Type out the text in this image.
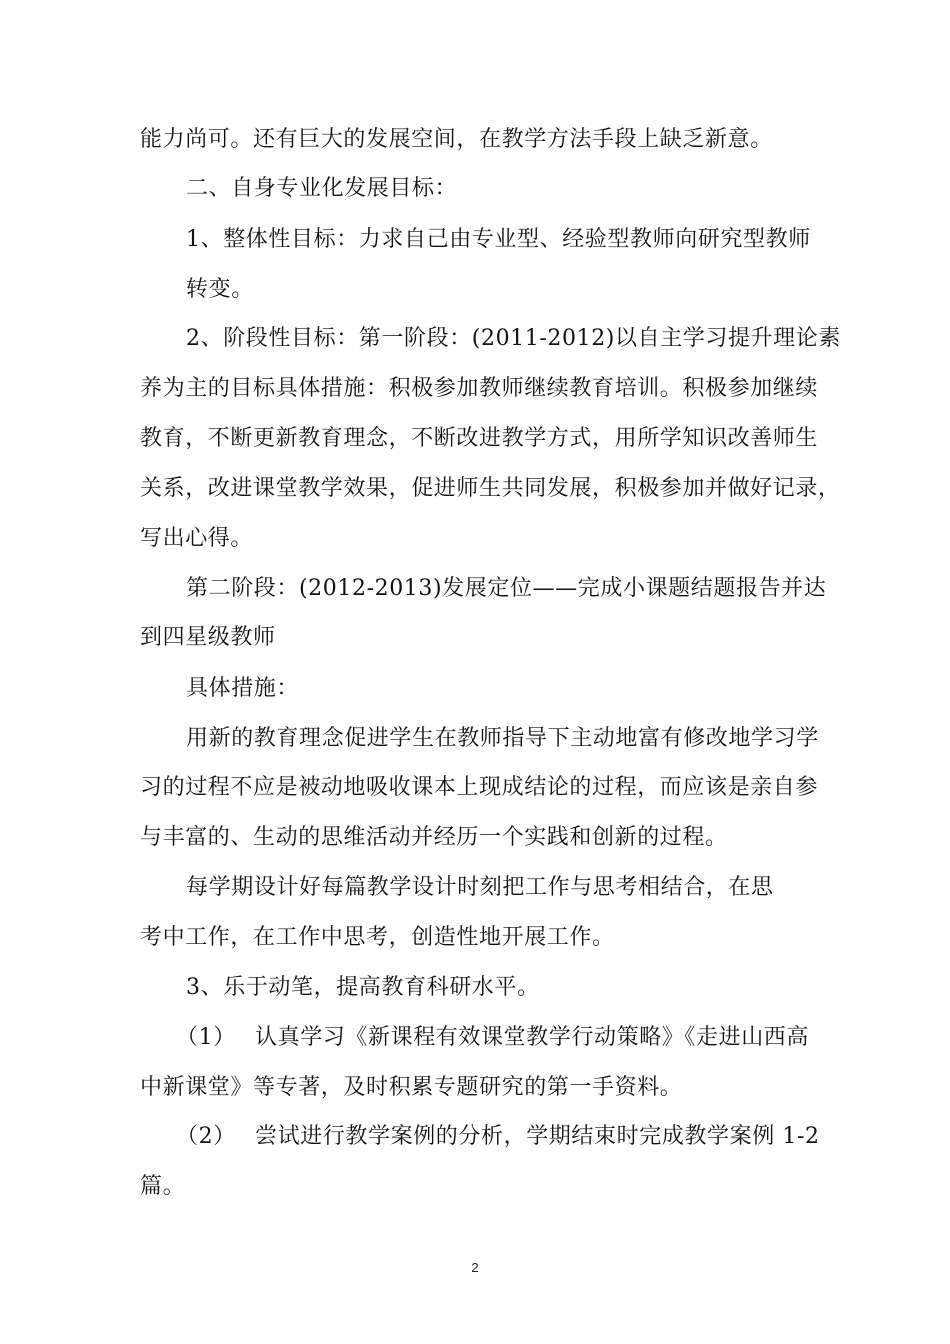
能力尚可。还有巨大的发展空间，在教学方法手段上缺乏新意。

二、自身专业化发展目标：

1、整体性目标：力求自己由专业型、经验型教师向研究型教师

转变。

2、阶段性目标：第一阶段：(2011-2012)以自主学习提升理论素

养为主的目标具体措施：积极参加教师继续教育培训。积极参加继续

教育，不断更新教育理念，不断改进教学方式，用所学知识改善师生

关系，改进课堂教学效果，促进师生共同发展，积极参加并做好记录，

写出心得。

第二阶段：(2012-2013)发展定位——完成小课题结题报告并达

到四星级教师

具体措施：

用新的教育理念促进学生在教师指导下主动地富有修改地学习学

习的过程不应是被动地吸收课本上现成结论的过程，而应该是亲自参

与丰富的、生动的思维活动并经历一个实践和创新的过程。

每学期设计好每篇教学设计时刻把工作与思考相结合，在思

考中工作，在工作中思考，创造性地开展工作。

3、乐于动笔，提高教育科研水平。

（1）　 认真学习《新课程有效课堂教学行动策略》《走进山西高

中新课堂》等专著，及时积累专题研究的第一手资料。

（2）　 尝试进行教学案例的分析，学期结束时完成教学案例 1-2

篇。

2
